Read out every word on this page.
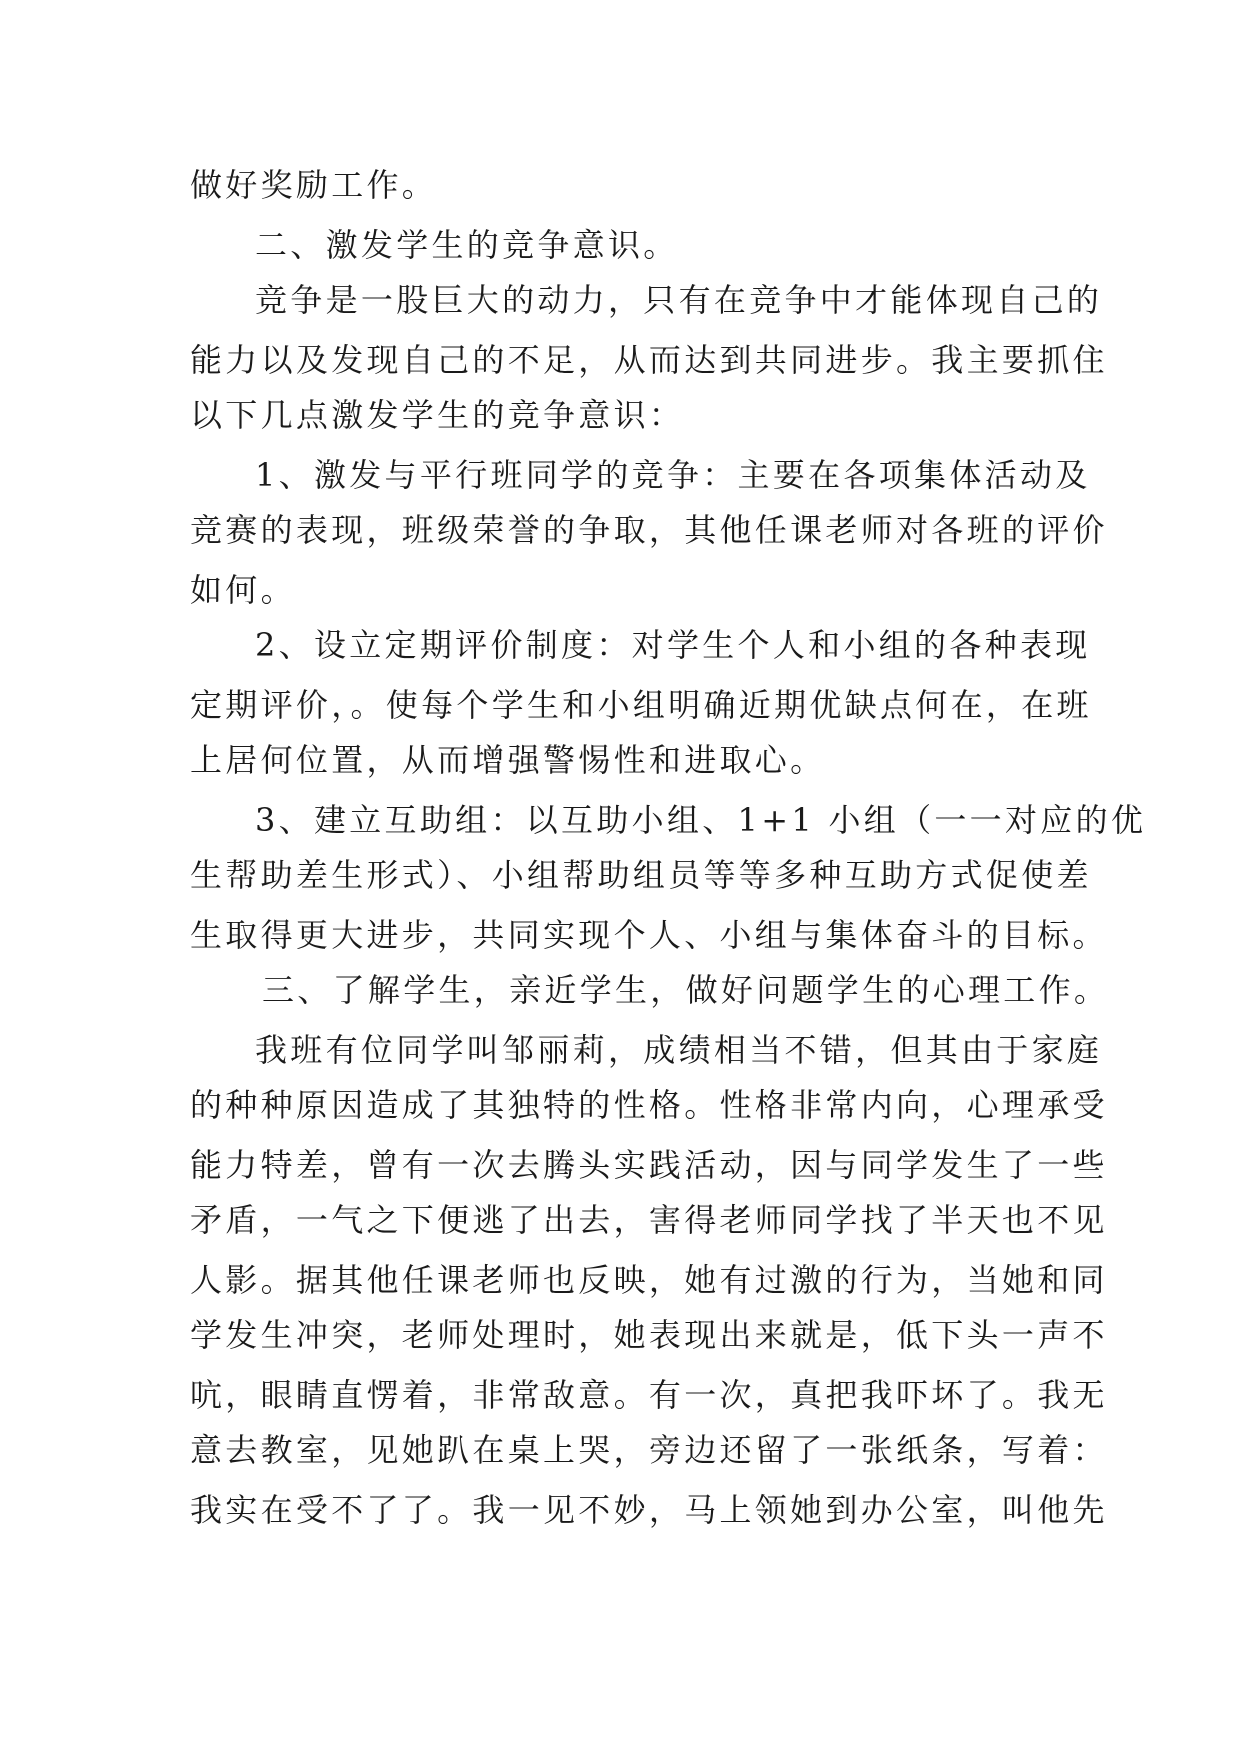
做好奖励工作。
二、激发学生的竞争意识。
竞争是一股巨大的动力，只有在竞争中才能体现自己的
能力以及发现自己的不足，从而达到共同进步。我主要抓住
以下几点激发学生的竞争意识：
1、激发与平行班同学的竞争：主要在各项集体活动及
竞赛的表现，班级荣誉的争取，其他任课老师对各班的评价
如何。
2、设立定期评价制度：对学生个人和小组的各种表现
定期评价，。使每个学生和小组明确近期优缺点何在，在班
上居何位置，从而增强警惕性和进取心。
3、建立互助组：以互助小组、1+1 小组（一一对应的优
生帮助差生形式）、小组帮助组员等等多种互助方式促使差
生取得更大进步，共同实现个人、小组与集体奋斗的目标。
三、了解学生，亲近学生，做好问题学生的心理工作。
我班有位同学叫邹丽莉，成绩相当不错，但其由于家庭
的种种原因造成了其独特的性格。性格非常内向，心理承受
能力特差，曾有一次去腾头实践活动，因与同学发生了一些
矛盾，一气之下便逃了出去，害得老师同学找了半天也不见
人影。据其他任课老师也反映，她有过激的行为，当她和同
学发生冲突，老师处理时，她表现出来就是，低下头一声不
吭，眼睛直愣着，非常敌意。有一次，真把我吓坏了。我无
意去教室，见她趴在桌上哭，旁边还留了一张纸条，写着：
我实在受不了了。我一见不妙，马上领她到办公室，叫他先
